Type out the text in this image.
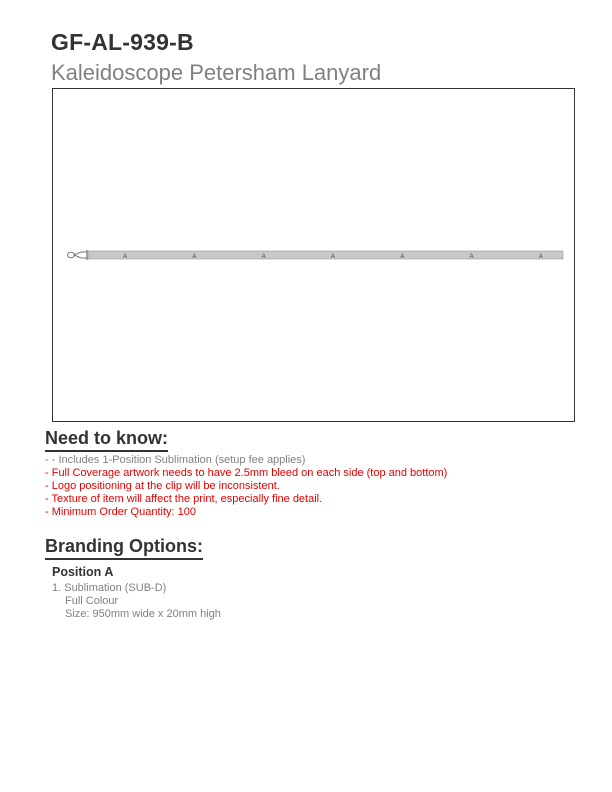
GF-AL-939-B
Kaleidoscope Petersham Lanyard
A	A	A	A	A	A	A
Need to know:
- - Includes 1-Position Sublimation (setup fee applies)
- Full Coverage artwork needs to have 2.5mm bleed on each side (top and bottom)
- Logo positioning at the clip will be inconsistent.
- Texture of item will affect the print, especially fine detail.
- Minimum Order Quantity: 100
Branding Options:
Position A
1. Sublimation (SUB-D)
Full Colour
Size: 950mm wide x 20mm high
